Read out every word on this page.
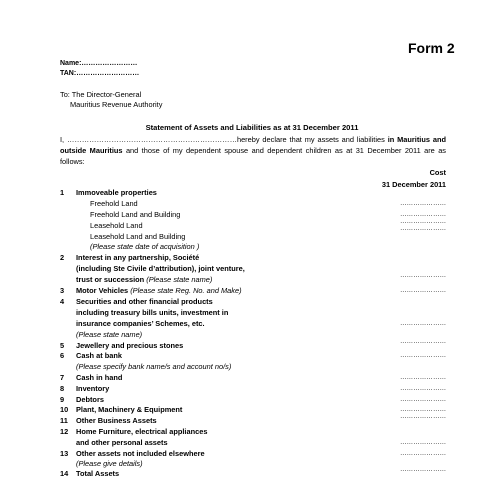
Form 2
Name:……………………
TAN:………………………
To: The Director-General
Mauritius Revenue Authority
Statement of Assets and Liabilities as at 31 December 2011
I, ……………………………………………………………hereby declare that my assets and liabilities in Mauritius and outside Mauritius and those of my dependent spouse and dependent children as at 31 December 2011 are as follows:
Cost
31 December 2011
1 Immoveable properties
Freehold Land	…………………
Freehold Land and Building	…………………
Leasehold Land	…………………
Leasehold Land and Building
…………………
(Please state date of acquisition )
2 Interest in any partnership, Société
(including Ste Civile d’attribution), joint venture,
trust or succession (Please state name)	…………………
3 Motor Vehicles (Please state Reg. No. and Make)	…………………
4 Securities and other financial products
including treasury bills units, investment in
insurance companies’ Schemes, etc.	…………………
(Please state name)
5 Jewellery and precious stones	…………………
6 Cash at bank	…………………
(Please specify bank name/s and account no/s)
7 Cash in hand	…………………
8 Inventory	…………………
9 Debtors	…………………
10 Plant, Machinery & Equipment	…………………
11 Other Business Assets	…………………
12 Home Furniture, electrical appliances
and other personal assets	…………………
13 Other assets not included elsewhere	…………………
(Please give details)
14 Total Assets	…………………
